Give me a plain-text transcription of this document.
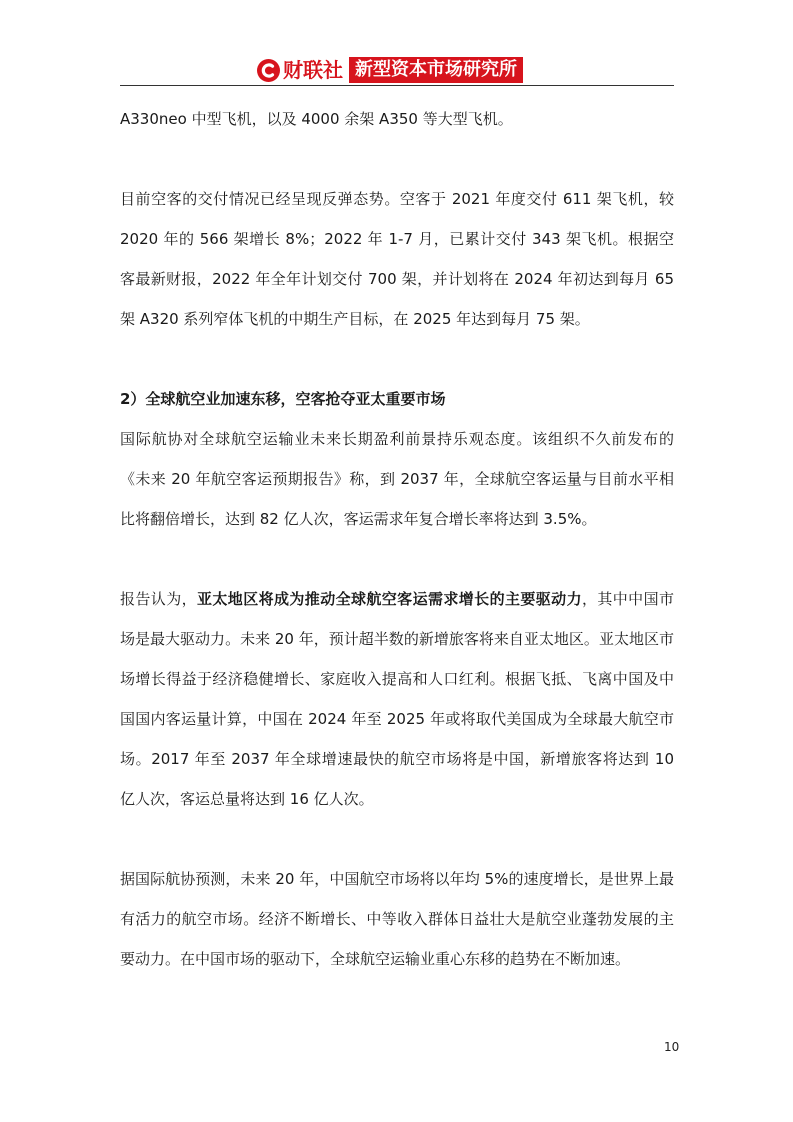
财联社 新型资本市场研究所

A330neo 中型飞机，以及 4000 余架 A350 等大型飞机。

目前空客的交付情况已经呈现反弹态势。空客于 2021 年度交付 611 架飞机，较 2020 年的 566 架增长 8%；2022 年 1-7 月，已累计交付 343 架飞机。根据空客最新财报，2022 年全年计划交付 700 架，并计划将在 2024 年初达到每月 65 架 A320 系列窄体飞机的中期生产目标，在 2025 年达到每月 75 架。

2）全球航空业加速东移，空客抢夺亚太重要市场

国际航协对全球航空运输业未来长期盈利前景持乐观态度。该组织不久前发布的《未来 20 年航空客运预期报告》称，到 2037 年，全球航空客运量与目前水平相比将翻倍增长，达到 82 亿人次，客运需求年复合增长率将达到 3.5%。

报告认为，亚太地区将成为推动全球航空客运需求增长的主要驱动力，其中中国市场是最大驱动力。未来 20 年，预计超半数的新增旅客将来自亚太地区。亚太地区市场增长得益于经济稳健增长、家庭收入提高和人口红利。根据飞抵、飞离中国及中国国内客运量计算，中国在 2024 年至 2025 年或将取代美国成为全球最大航空市场。2017 年至 2037 年全球增速最快的航空市场将是中国，新增旅客将达到 10 亿人次，客运总量将达到 16 亿人次。

据国际航协预测，未来 20 年，中国航空市场将以年均 5%的速度增长，是世界上最有活力的航空市场。经济不断增长、中等收入群体日益壮大是航空业蓬勃发展的主要动力。在中国市场的驱动下，全球航空运输业重心东移的趋势在不断加速。

10
